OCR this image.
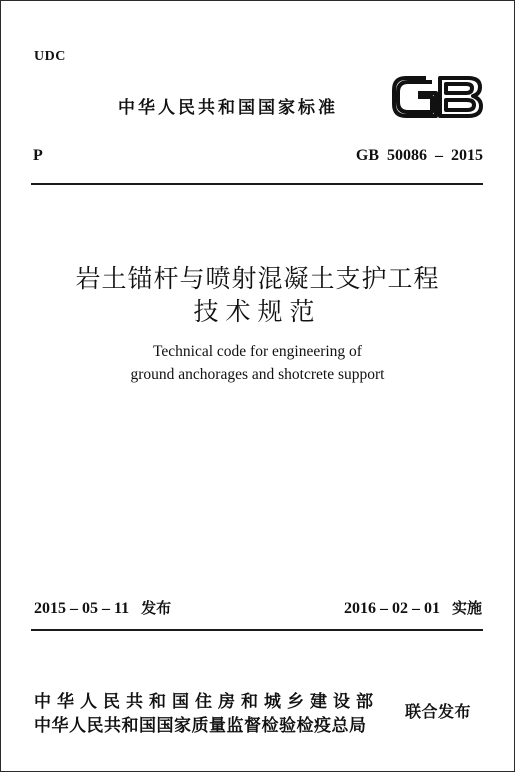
UDC
中华人民共和国国家标准
P	GB 50086 – 2015
岩土锚杆与喷射混凝土支护工程
技术规范
Technical code for engineering of
ground anchorages and shotcrete support
2015 – 05 – 11 发布	2016 – 02 – 01 实施
中华人民共和国住房和城乡建设部
中华人民共和国国家质量监督检验检疫总局
联合发布
